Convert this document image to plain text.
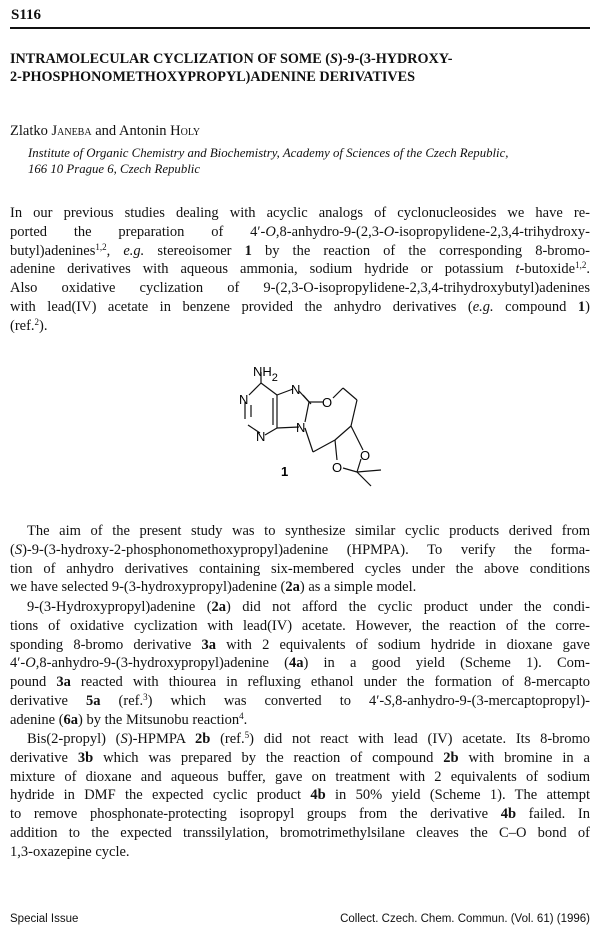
S116
INTRAMOLECULAR CYCLIZATION OF SOME (S)-9-(3-HYDROXY-
2-PHOSPHONOMETHOXYPROPYL)ADENINE DERIVATIVES
Zlatko Janeba and Antonin Holy
Institute of Organic Chemistry and Biochemistry, Academy of Sciences of the Czech Republic,
166 10 Prague 6, Czech Republic
In our previous studies dealing with acyclic analogs of cyclonucleosides we have re-
ported the preparation of 4′-O,8-anhydro-9-(2,3-O-isopropylidene-2,3,4-trihydroxy-
butyl)adenines$^{1,2}$, e.g. stereoisomer 1 by the reaction of the corresponding 8-bromo-
adenine derivatives with aqueous ammonia, sodium hydride or potassium t-butoxide$^{1,2}$.
Also oxidative cyclization of 9-(2,3-O-isopropylidene-2,3,4-trihydroxybutyl)adenines
with lead(IV) acetate in benzene provided the anhydro derivatives (e.g. compound 1)
(ref.$^2$).
$NH_2$
N
N
N
N
O
O
O
1
The aim of the present study was to synthesize similar cyclic products derived from
(S)-9-(3-hydroxy-2-phosphonomethoxypropyl)adenine (HPMPA). To verify the forma-
tion of anhydro derivatives containing six-membered cycles under the above conditions
we have selected 9-(3-hydroxypropyl)adenine (2a) as a simple model.
9-(3-Hydroxypropyl)adenine (2a) did not afford the cyclic product under the condi-
tions of oxidative cyclization with lead(IV) acetate. However, the reaction of the corre-
sponding 8-bromo derivative 3a with 2 equivalents of sodium hydride in dioxane gave
4′-O,8-anhydro-9-(3-hydroxypropyl)adenine (4a) in a good yield (Scheme 1). Com-
pound 3a reacted with thiourea in refluxing ethanol under the formation of 8-mercapto
derivative 5a (ref.$^3$) which was converted to 4′-S,8-anhydro-9-(3-mercaptopropyl)-
adenine (6a) by the Mitsunobu reaction$^4$.
Bis(2-propyl) (S)-HPMPA 2b (ref.$^5$) did not react with lead (IV) acetate. Its 8-bromo
derivative 3b which was prepared by the reaction of compound 2b with bromine in a
mixture of dioxane and aqueous buffer, gave on treatment with 2 equivalents of sodium
hydride in DMF the expected cyclic product 4b in 50% yield (Scheme 1). The attempt
to remove phosphonate-protecting isopropyl groups from the derivative 4b failed. In
addition to the expected transsilylation, bromotrimethylsilane cleaves the C–O bond of
1,3-oxazepine cycle.
Special Issue	Collect. Czech. Chem. Commun. (Vol. 61) (1996)
